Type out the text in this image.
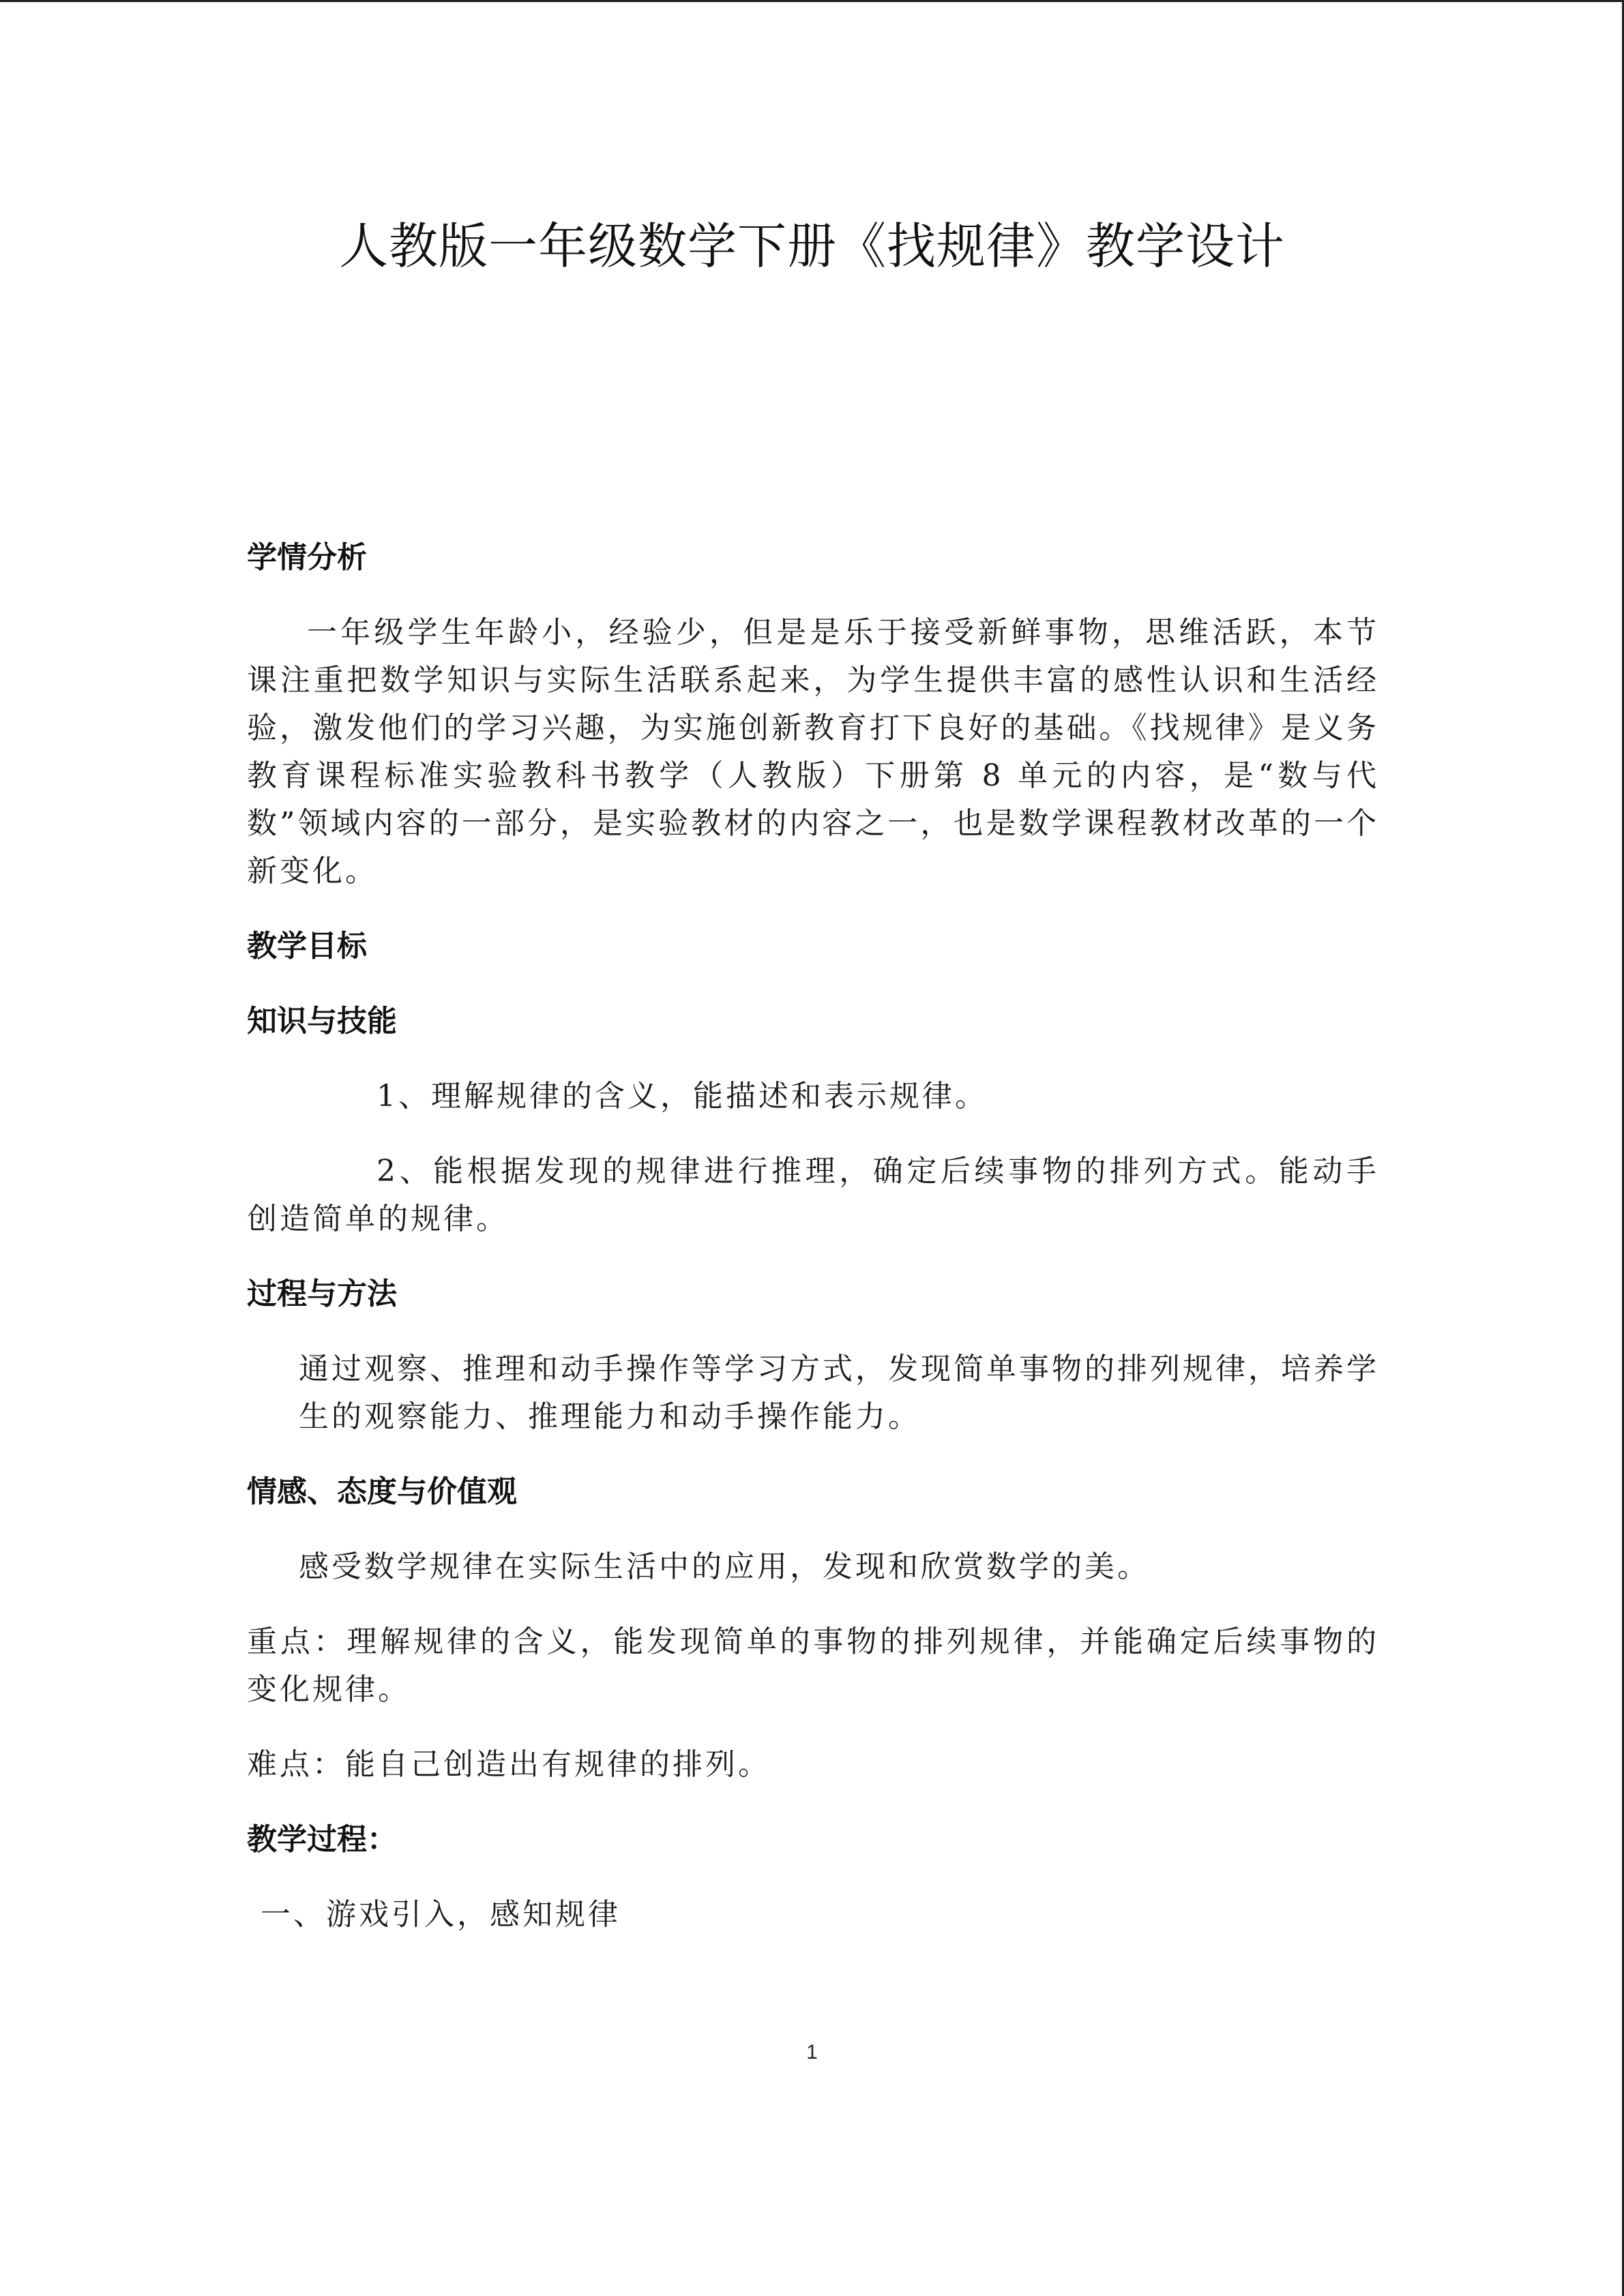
人教版一年级数学下册《找规律》教学设计
学情分析
一年级学生年龄小，经验少，但是是乐于接受新鲜事物，思维活跃，本节课注重把数学知识与实际生活联系起来，为学生提供丰富的感性认识和生活经验，激发他们的学习兴趣，为实施创新教育打下良好的基础。《找规律》是义务教育课程标准实验教科书教学（人教版）下册第 8 单元的内容，是“数与代数”领域内容的一部分，是实验教材的内容之一，也是数学课程教材改革的一个新变化。
教学目标
知识与技能
1、理解规律的含义，能描述和表示规律。
2、能根据发现的规律进行推理，确定后续事物的排列方式。能动手创造简单的规律。
过程与方法
通过观察、推理和动手操作等学习方式，发现简单事物的排列规律，培养学生的观察能力、推理能力和动手操作能力。
情感、态度与价值观
感受数学规律在实际生活中的应用，发现和欣赏数学的美。
重点：理解规律的含义，能发现简单的事物的排列规律，并能确定后续事物的变化规律。
难点：能自己创造出有规律的排列。
教学过程：
一、游戏引入，感知规律
1
